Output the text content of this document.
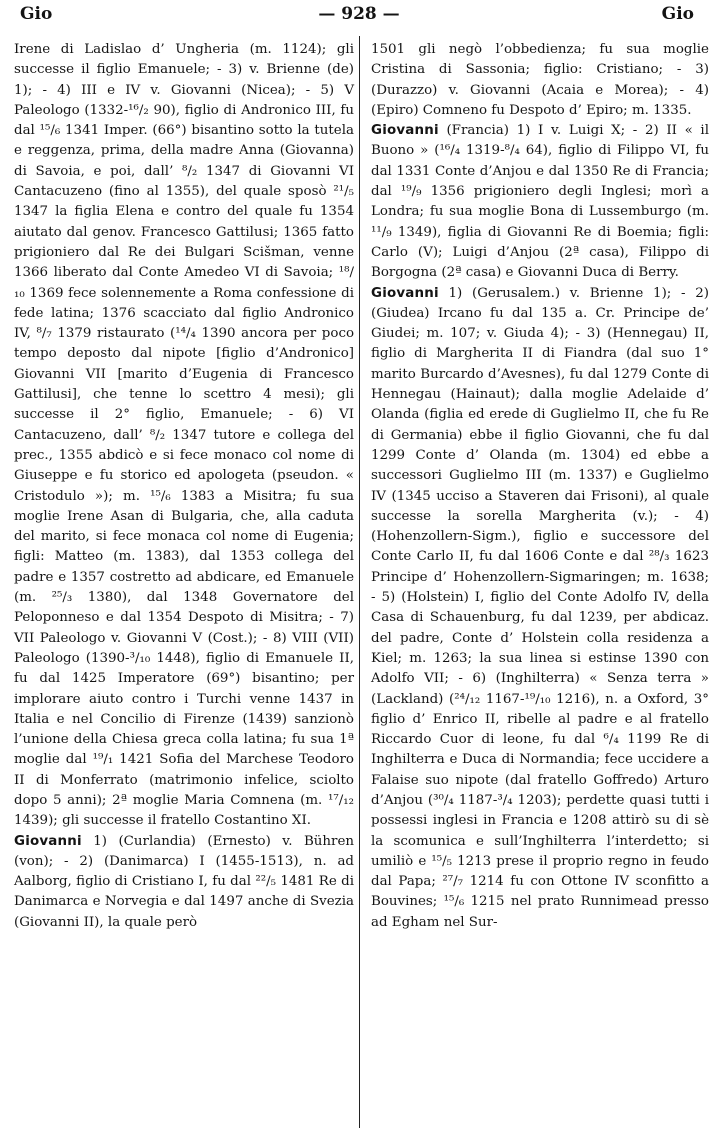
Gio	— 928 —	Gio

Irene di Ladislao d’ Ungheria (m. 1124); gli successe il figlio Emanuele; - 3) v. Brienne (de) 1); - 4) III e IV v. Giovanni (Nicea); - 5) V Paleologo (1332-¹⁶/₂ 90), figlio di Andronico III, fu dal ¹⁵/₆ 1341 Imper. (66°) bisantino sotto la tutela e reggenza, prima, della madre Anna (Giovanna) di Savoia, e poi, dall’ ⁸/₂ 1347 di Giovanni VI Cantacuzeno (fino al 1355), del quale sposò ²¹/₅ 1347 la figlia Elena e contro del quale fu 1354 aiutato dal genov. Francesco Gattilusi; 1365 fatto prigioniero dal Re dei Bulgari Scišman, venne 1366 liberato dal Conte Amedeo VI di Savoia; ¹⁸/₁₀ 1369 fece solennemente a Roma confessione di fede latina; 1376 scacciato dal figlio Andronico IV, ⁸/₇ 1379 ristaurato (¹⁴/₄ 1390 ancora per poco tempo deposto dal nipote [figlio d’Andronico] Giovanni VII [marito d’Eugenia di Francesco Gattilusi], che tenne lo scettro 4 mesi); gli successe il 2° figlio, Emanuele; - 6) VI Cantacuzeno, dall’ ⁸/₂ 1347 tutore e collega del prec., 1355 abdicò e si fece monaco col nome di Giuseppe e fu storico ed apologeta (pseudon. « Cristodulo »); m. ¹⁵/₆ 1383 a Misitra; fu sua moglie Irene Asan di Bulgaria, che, alla caduta del marito, si fece monaca col nome di Eugenia; figli: Matteo (m. 1383), dal 1353 collega del padre e 1357 costretto ad abdicare, ed Emanuele (m. ²⁵/₃ 1380), dal 1348 Governatore del Peloponneso e dal 1354 Despoto di Misitra; - 7) VII Paleologo v. Giovanni V (Cost.); - 8) VIII (VII) Paleologo (1390-³/₁₀ 1448), figlio di Emanuele II, fu dal 1425 Imperatore (69°) bisantino; per implorare aiuto contro i Turchi venne 1437 in Italia e nel Concilio di Firenze (1439) sanzionò l’unione della Chiesa greca colla latina; fu sua 1ª moglie dal ¹⁹/₁ 1421 Sofia del Marchese Teodoro II di Monferrato (matrimonio infelice, sciolto dopo 5 anni); 2ª moglie Maria Comnena (m. ¹⁷/₁₂ 1439); gli successe il fratello Costantino XI.

Giovanni 1) (Curlandia) (Ernesto) v. Bühren (von); - 2) (Danimarca) I (1455-1513), n. ad Aalborg, figlio di Cristiano I, fu dal ²²/₅ 1481 Re di Danimarca e Norvegia e dal 1497 anche di Svezia (Giovanni II), la quale però

1501 gli negò l’obbedienza; fu sua moglie Cristina di Sassonia; figlio: Cristiano; - 3) (Durazzo) v. Giovanni (Acaia e Morea); - 4) (Epiro) Comneno fu Despoto d’ Epiro; m. 1335.

Giovanni (Francia) 1) I v. Luigi X; - 2) II « il Buono » (¹⁶/₄ 1319-⁸/₄ 64), figlio di Filippo VI, fu dal 1331 Conte d’Anjou e dal 1350 Re di Francia; dal ¹⁹/₉ 1356 prigioniero degli Inglesi; morì a Londra; fu sua moglie Bona di Lussemburgo (m. ¹¹/₉ 1349), figlia di Giovanni Re di Boemia; figli: Carlo (V); Luigi d’Anjou (2ª casa), Filippo di Borgogna (2ª casa) e Giovanni Duca di Berry.

Giovanni 1) (Gerusalem.) v. Brienne 1); - 2) (Giudea) Ircano fu dal 135 a. Cr. Principe de’ Giudei; m. 107; v. Giuda 4); - 3) (Hennegau) II, figlio di Margherita II di Fiandra (dal suo 1° marito Burcardo d’Avesnes), fu dal 1279 Conte di Hennegau (Hainaut); dalla moglie Adelaide d’ Olanda (figlia ed erede di Guglielmo II, che fu Re di Germania) ebbe il figlio Giovanni, che fu dal 1299 Conte d’ Olanda (m. 1304) ed ebbe a successori Guglielmo III (m. 1337) e Guglielmo IV (1345 ucciso a Staveren dai Frisoni), al quale successe la sorella Margherita (v.); - 4) (Hohenzollern-Sigm.), figlio e successore del Conte Carlo II, fu dal 1606 Conte e dal ²⁸/₃ 1623 Principe d’ Hohenzollern-Sigmaringen; m. 1638; - 5) (Holstein) I, figlio del Conte Adolfo IV, della Casa di Schauenburg, fu dal 1239, per abdicaz. del padre, Conte d’ Holstein colla residenza a Kiel; m. 1263; la sua linea si estinse 1390 con Adolfo VII; - 6) (Inghilterra) « Senza terra » (Lackland) (²⁴/₁₂ 1167-¹⁹/₁₀ 1216), n. a Oxford, 3° figlio d’ Enrico II, ribelle al padre e al fratello Riccardo Cuor di leone, fu dal ⁶/₄ 1199 Re di Inghilterra e Duca di Normandia; fece uccidere a Falaise suo nipote (dal fratello Goffredo) Arturo d’Anjou (³⁰/₄ 1187-³/₄ 1203); perdette quasi tutti i possessi inglesi in Francia e 1208 attirò su di sè la scomunica e sull’Inghilterra l’interdetto; si umiliò e ¹⁵/₅ 1213 prese il proprio regno in feudo dal Papa; ²⁷/₇ 1214 fu con Ottone IV sconfitto a Bouvines; ¹⁵/₆ 1215 nel prato Runnimead presso ad Egham nel Sur-
